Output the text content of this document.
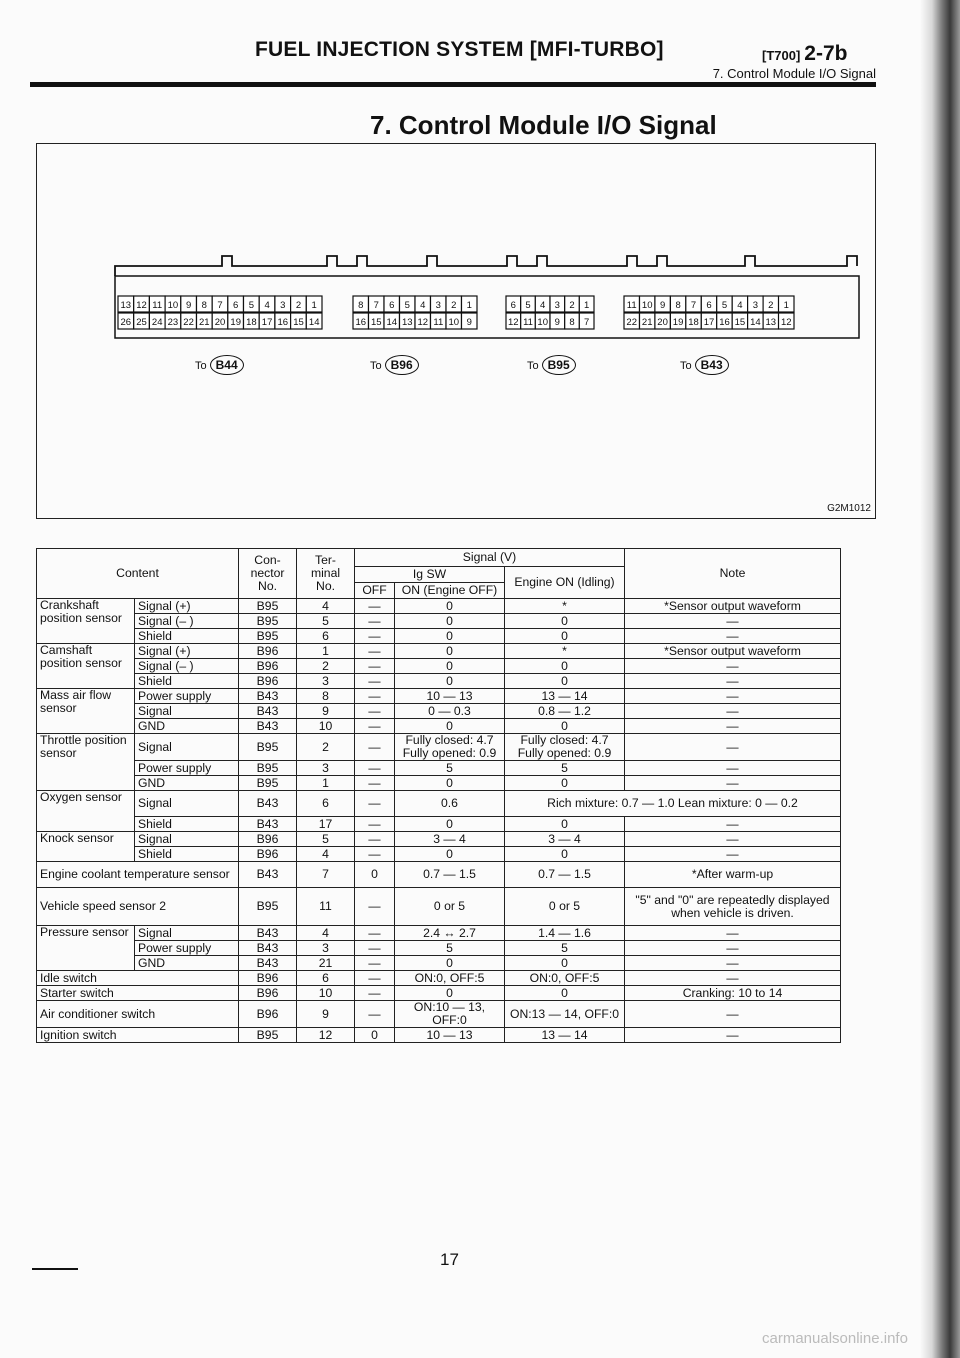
FUEL INJECTION SYSTEM [MFI-TURBO]	[T700] 2-7b
7. Control Module I/O Signal
7. Control Module I/O Signal
G2M1012
13 12 11 10 9 8 7 6 5 4 3 2 1
26 25 24 23 22 21 20 19 18 17 16 15 14
To B44
8 7 6 5 4 3 2 1
16 15 14 13 12 11 10 9
To B96
6 5 4 3 2 1
12 11 10 9 8 7
To B95
11 10 9 8 7 6 5 4 3 2 1
22 21 20 19 18 17 16 15 14 13 12
To B43
Content		Con- nector No.	Ter- minal No.	Signal (V)			Note
				Ig SW		Engine ON (Idling)	
				OFF	ON (Engine OFF)		
Crankshaft position sensor	Signal (+)	B95	4	—	0	*	*Sensor output waveform
	Signal (– )	B95	5	—	0	0	—
	Shield	B95	6	—	0	0	—
Camshaft position sensor	Signal (+)	B96	1	—	0	*	*Sensor output waveform
	Signal (– )	B96	2	—	0	0	—
	Shield	B96	3	—	0	0	—
Mass air flow sensor	Power supply	B43	8	—	10 — 13	13 — 14	—
	Signal	B43	9	—	0 — 0.3	0.8 — 1.2	—
	GND	B43	10	—	0	0	—
Throttle position sensor	Signal	B95	2	—	Fully closed: 4.7 Fully opened: 0.9	Fully closed: 4.7 Fully opened: 0.9	—
	Power supply	B95	3	—	5	5	—
	GND	B95	1	—	0	0	—
Oxygen sensor	Signal	B43	6	—	0.6	Rich mixture: 0.7 — 1.0 Lean mixture: 0 — 0.2	
	Shield	B43	17	—	0	0	—
Knock sensor	Signal	B96	5	—	3 — 4	3 — 4	—
	Shield	B96	4	—	0	0	—
Engine coolant temperature sensor		B43	7	0	0.7 — 1.5	0.7 — 1.5	*After warm-up
Vehicle speed sensor 2		B95	11	—	0 or 5	0 or 5	"5" and "0" are repeatedly displayed when vehicle is driven.
Pressure sensor	Signal	B43	4	—	2.4 ↔ 2.7	1.4 — 1.6	—
	Power supply	B43	3	—	5	5	—
	GND	B43	21	—	0	0	—
Idle switch		B96	6	—	ON:0, OFF:5	ON:0, OFF:5	—
Starter switch		B96	10	—	0	0	Cranking: 10 to 14
Air conditioner switch		B96	9	—	ON:10 — 13, OFF:0	ON:13 — 14, OFF:0	—
Ignition switch		B95	12	0	10 — 13	13 — 14	—
17
carmanualsonline.info
